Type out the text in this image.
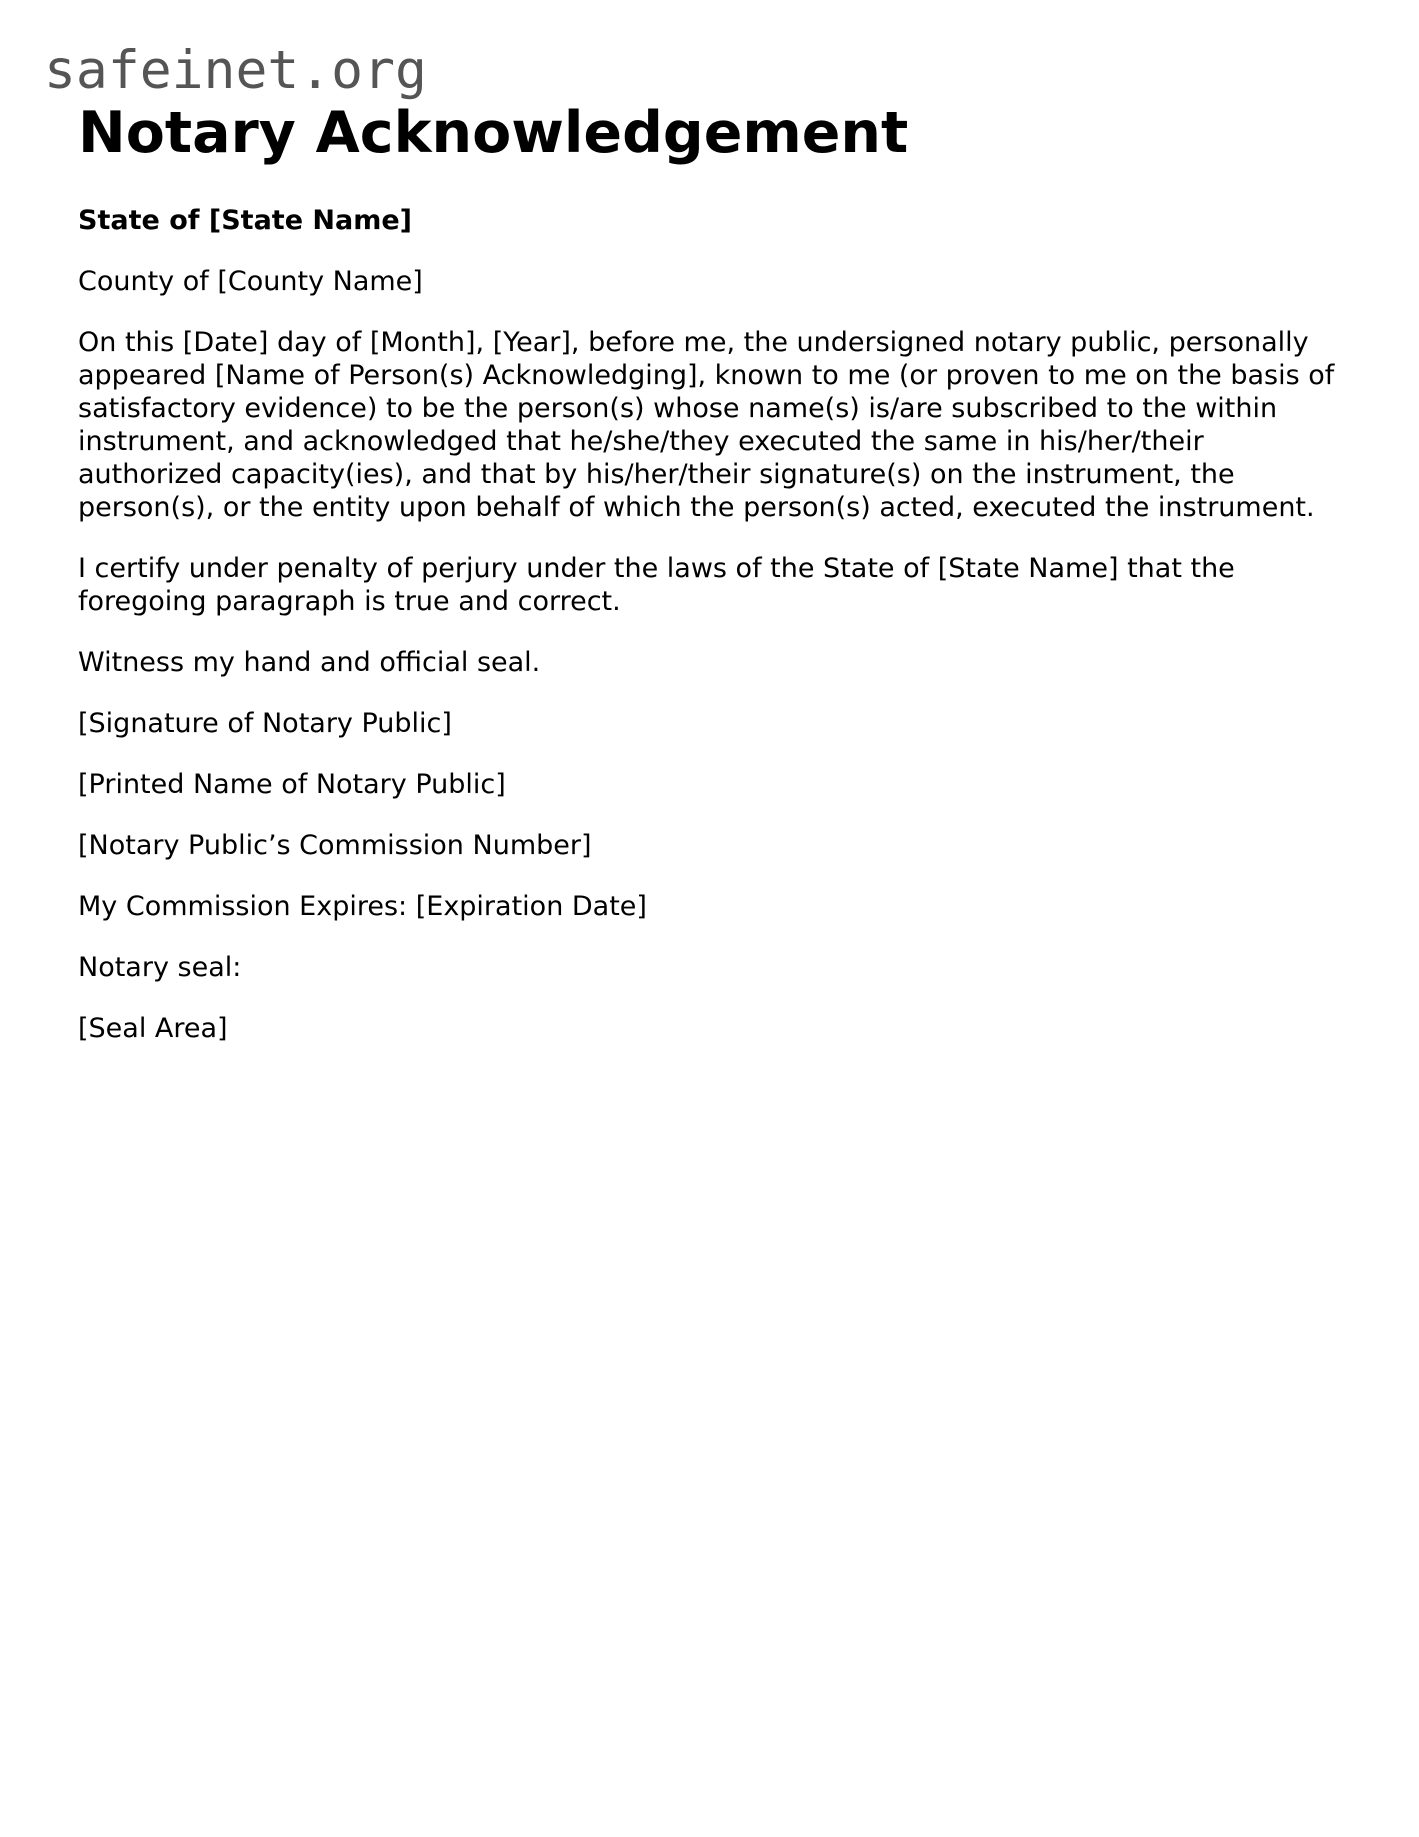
safeinet.org
Notary Acknowledgement

State of [State Name]

County of [County Name]

On this [Date] day of [Month], [Year], before me, the undersigned notary public, personally appeared [Name of Person(s) Acknowledging], known to me (or proven to me on the basis of satisfactory evidence) to be the person(s) whose name(s) is/are subscribed to the within instrument, and acknowledged that he/she/they executed the same in his/her/their authorized capacity(ies), and that by his/her/their signature(s) on the instrument, the person(s), or the entity upon behalf of which the person(s) acted, executed the instrument.

I certify under penalty of perjury under the laws of the State of [State Name] that the foregoing paragraph is true and correct.

Witness my hand and official seal.

[Signature of Notary Public]

[Printed Name of Notary Public]

[Notary Public’s Commission Number]

My Commission Expires: [Expiration Date]

Notary seal:

[Seal Area]
